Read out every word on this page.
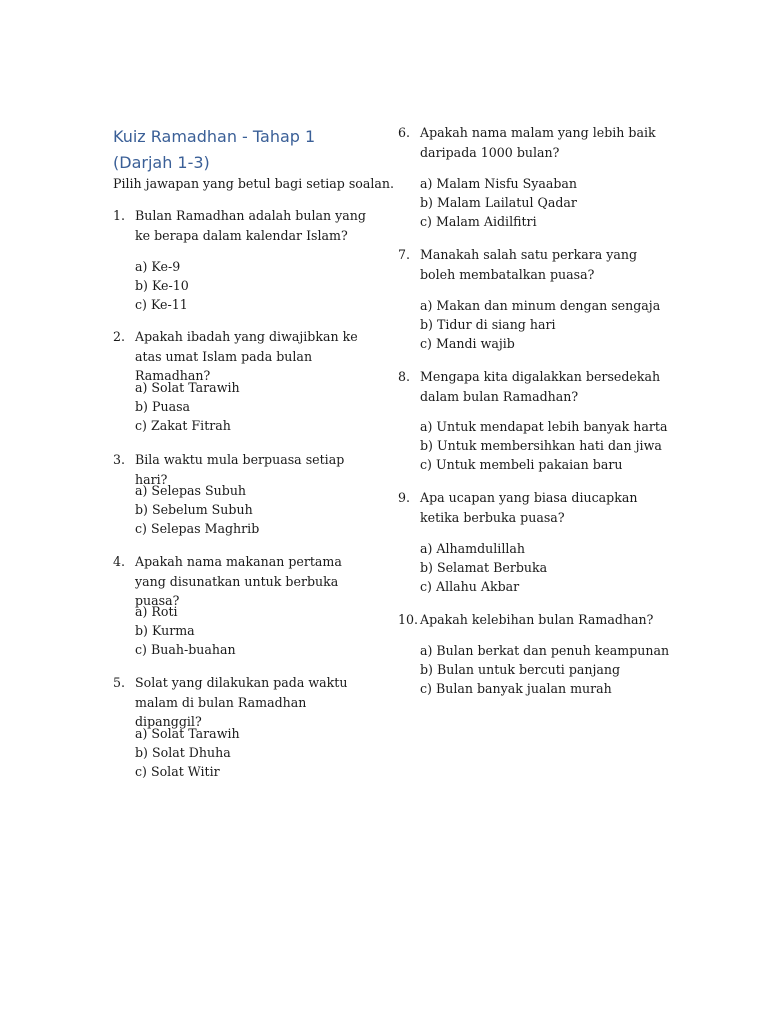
Kuiz Ramadhan - Tahap 1 (Darjah 1-3)

Pilih jawapan yang betul bagi setiap soalan.

1. Bulan Ramadhan adalah bulan yang ke berapa dalam kalendar Islam?
a) Ke-9
b) Ke-10
c) Ke-11
2. Apakah ibadah yang diwajibkan ke atas umat Islam pada bulan Ramadhan?
a) Solat Tarawih
b) Puasa
c) Zakat Fitrah
3. Bila waktu mula berpuasa setiap hari?
a) Selepas Subuh
b) Sebelum Subuh
c) Selepas Maghrib
4. Apakah nama makanan pertama yang disunatkan untuk berbuka puasa?
a) Roti
b) Kurma
c) Buah-buahan
5. Solat yang dilakukan pada waktu malam di bulan Ramadhan dipanggil?
a) Solat Tarawih
b) Solat Dhuha
c) Solat Witir
6. Apakah nama malam yang lebih baik daripada 1000 bulan?
a) Malam Nisfu Syaaban
b) Malam Lailatul Qadar
c) Malam Aidilfitri
7. Manakah salah satu perkara yang boleh membatalkan puasa?
a) Makan dan minum dengan sengaja
b) Tidur di siang hari
c) Mandi wajib
8. Mengapa kita digalakkan bersedekah dalam bulan Ramadhan?
a) Untuk mendapat lebih banyak harta
b) Untuk membersihkan hati dan jiwa
c) Untuk membeli pakaian baru
9. Apa ucapan yang biasa diucapkan ketika berbuka puasa?
a) Alhamdulillah
b) Selamat Berbuka
c) Allahu Akbar
10. Apakah kelebihan bulan Ramadhan?
a) Bulan berkat dan penuh keampunan
b) Bulan untuk bercuti panjang
c) Bulan banyak jualan murah
